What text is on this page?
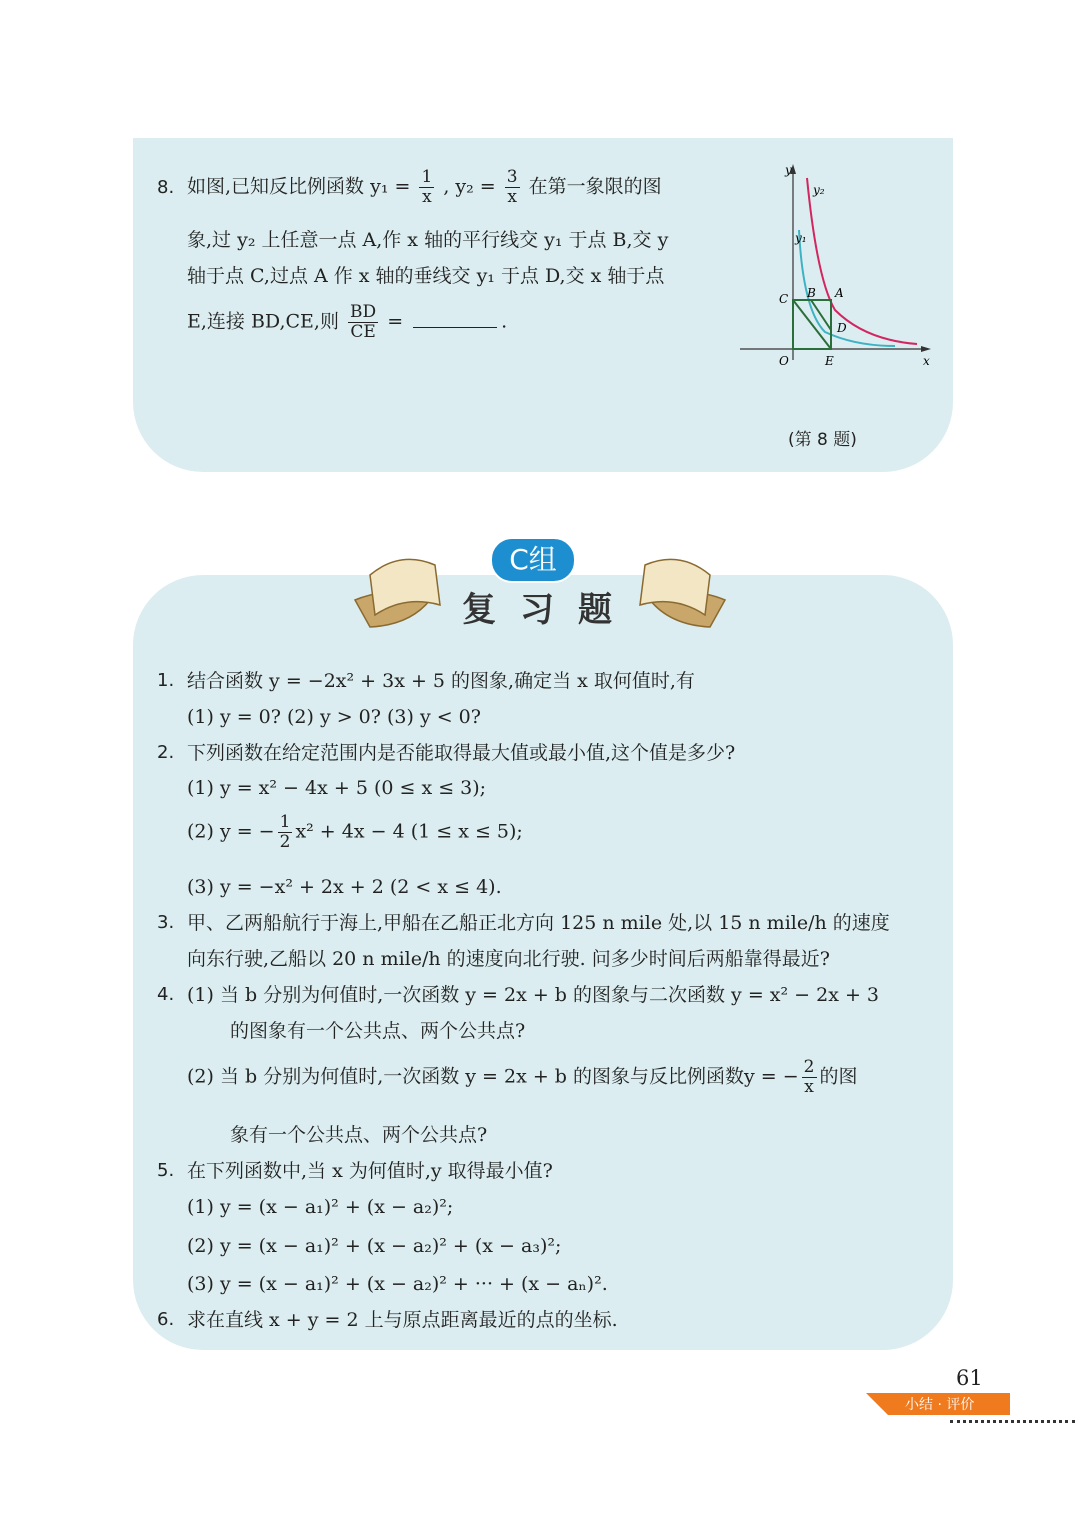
8. 如图,已知反比例函数 $y_1 = \frac{1}{x}$ , $y_2 = \frac{3}{x}$ 在第一象限的图
象,过 y₂ 上任意一点 A,作 x 轴的平行线交 y₁ 于点 B,交 y
轴于点 C,过点 A 作 x 轴的垂线交 y₁ 于点 D,交 x 轴于点
E,连接 BD,CE,则 $\frac{BD}{CE}$ =	.
y
x
O
y₂
y₁
C B A
D
E
(第 8 题)
C组
复习题
1. 结合函数 y = −2x² + 3x + 5 的图象,确定当 x 取何值时,有
(1) y = 0? (2) y > 0? (3) y < 0?
2. 下列函数在给定范围内是否能取得最大值或最小值,这个值是多少?
(1) y = x² − 4x + 5 (0 ≤ x ≤ 3);
(2) y = − $\frac{1}{2} x^2 + 4x - 4$ (1 ≤ x ≤ 5);
(3) y = −x² + 2x + 2 (2 < x ≤ 4).
3. 甲、乙两船航行于海上,甲船在乙船正北方向 125 n mile 处,以 15 n mile/h 的速度
向东行驶,乙船以 20 n mile/h 的速度向北行驶. 问多少时间后两船靠得最近?
4. (1) 当 b 分别为何值时,一次函数 y = 2x + b 的图象与二次函数 y = x² − 2x + 3
的图象有一个公共点、两个公共点?
(2) 当 b 分别为何值时,一次函数 y = 2x + b 的图象与反比例函数y = − $\frac{2}{x}$ 的图
象有一个公共点、两个公共点?
5. 在下列函数中,当 x 为何值时,y 取得最小值?
(1) y = (x − a₁)² + (x − a₂)²;
(2) y = (x − a₁)² + (x − a₂)² + (x − a₃)²;
(3) y = (x − a₁)² + (x − a₂)² + ··· + (x − aₙ)².
6. 求在直线 x + y = 2 上与原点距离最近的点的坐标.
61
小结 · 评价
